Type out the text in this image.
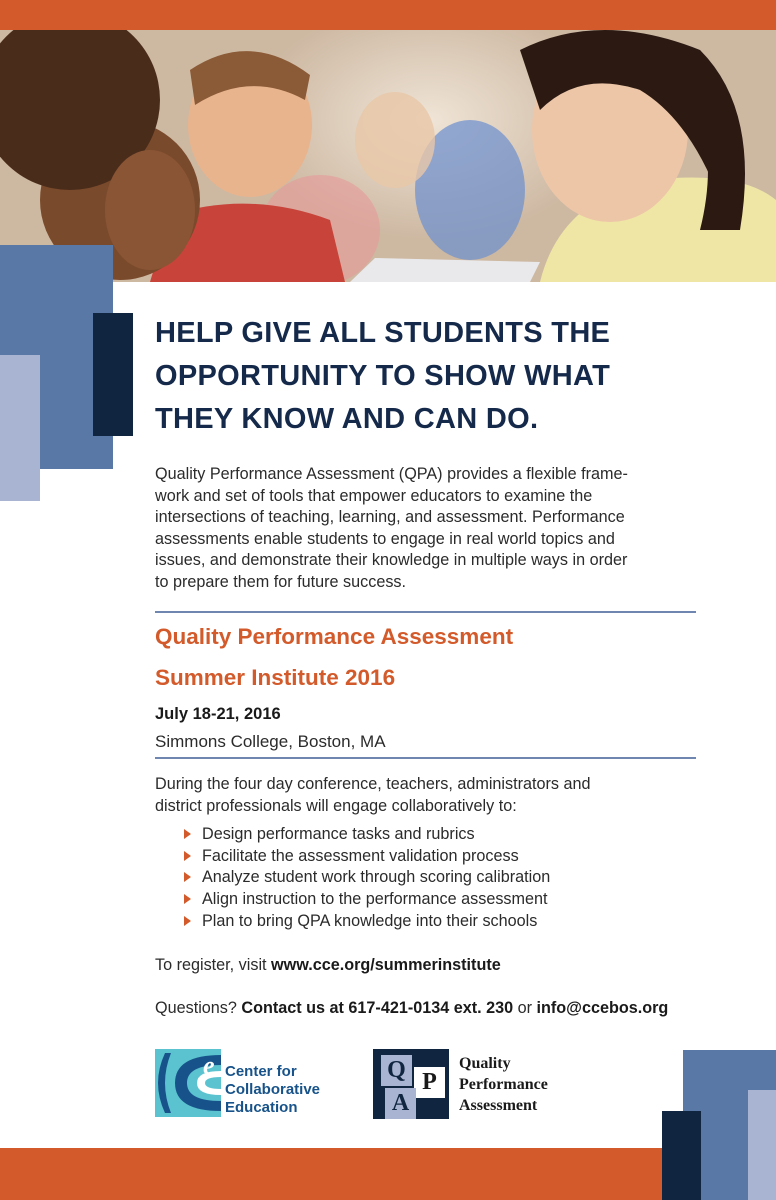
HELP GIVE ALL STUDENTS THE
OPPORTUNITY TO SHOW WHAT
THEY KNOW AND CAN DO.
Quality Performance Assessment (QPA) provides a flexible frame-
work and set of tools that empower educators to examine the
intersections of teaching, learning, and assessment. Performance
assessments enable students to engage in real world topics and
issues, and demonstrate their knowledge in multiple ways in order
to prepare them for future success.
Quality Performance Assessment
Summer Institute 2016
July 18-21, 2016
Simmons College, Boston, MA
During the four day conference, teachers, administrators and
district professionals will engage collaboratively to:
Design performance tasks and rubrics
Facilitate the assessment validation process
Analyze student work through scoring calibration
Align instruction to the performance assessment
Plan to bring QPA knowledge into their schools
To register, visit www.cce.org/summerinstitute
Questions? Contact us at 617-421-0134 ext. 230 or info@ccebos.org
e Center for
Collaborative
Education
Q P
A
Quality
Performance
Assessment
